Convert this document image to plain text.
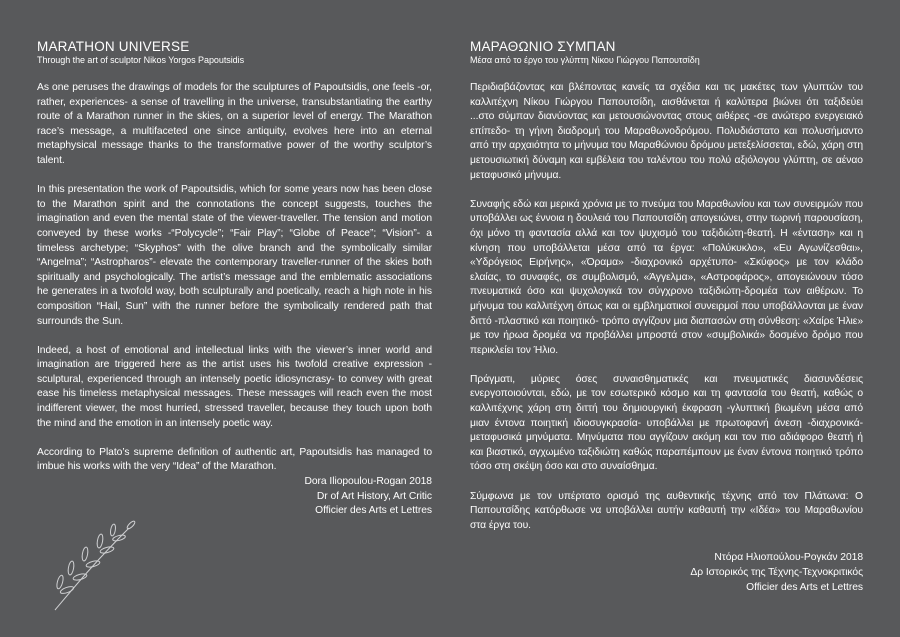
MARATHON UNIVERSE
Through the art of sculptor Nikos Yorgos Papoutsidis

As one peruses the drawings of models for the sculptures of Papoutsidis, one feels -or, rather, experiences- a sense of travelling in the universe, transubstantiating the earthy route of a Marathon runner in the skies, on a superior level of energy. The Marathon race’s message, a multifaceted one since antiquity, evolves here into an eternal metaphysical message thanks to the transformative power of the worthy sculptor’s talent.

In this presentation the work of Papoutsidis, which for some years now has been close to the Marathon spirit and the connotations the concept suggests, touches the imagination and even the mental state of the viewer-traveller. The tension and motion conveyed by these works -“Polycycle”; “Fair Play”; “Globe of Peace”; “Vision”- a timeless archetype; “Skyphos” with the olive branch and the symbolically similar “Angelma”; “Astropharos”- elevate the contemporary traveller-runner of the skies both spiritually and psychologically. The artist’s message and the emblematic associations he generates in a twofold way, both sculpturally and poetically, reach a high note in his composition “Hail, Sun” with the runner before the symbolically rendered path that surrounds the Sun.

Indeed, a host of emotional and intellectual links with the viewer’s inner world and imagination are triggered here as the artist uses his twofold creative expression -sculptural, experienced through an intensely poetic idiosyncrasy- to convey with great ease his timeless metaphysical messages. These messages will reach even the most indifferent viewer, the most hurried, stressed traveller, because they touch upon both the mind and the emotion in an intensely poetic way.

According to Plato’s supreme definition of authentic art, Papoutsidis has managed to imbue his works with the very “Idea” of the Marathon.

Dora Iliopoulou-Rogan 2018
Dr of Art History, Art Critic
Officier des Arts et Lettres
ΜΑΡΑΘΩΝΙΟ ΣΥΜΠΑΝ
Μέσα από το έργο του γλύπτη Νίκου Γιώργου Παπουτσίδη

Περιδιαβάζοντας και βλέποντας κανείς τα σχέδια και τις μακέτες των γλυπτών του καλλιτέχνη Νίκου Γιώργου Παπουτσίδη, αισθάνεται ή καλύτερα βιώνει ότι ταξιδεύει ...στο σύμπαν διανύοντας και μετουσιώνοντας στους αιθέρες -σε ανώτερο ενεργειακό επίπεδο- τη γήινη διαδρομή του Μαραθωνοδρόμου. Πολυδιάστατο και πολυσήμαντο από την αρχαιότητα το μήνυμα του Μαραθώνιου δρόμου μετεξελίσσεται, εδώ, χάρη στη μετουσιωτική δύναμη και εμβέλεια του ταλέντου του πολύ αξιόλογου γλύπτη, σε αέναο μεταφυσικό μήνυμα.

Συναφής εδώ και μερικά χρόνια με το πνεύμα του Μαραθωνίου και των συνειρμών που υποβάλλει ως έννοια η δουλειά του Παπουτσίδη απογειώνει, στην τωρινή παρουσίαση, όχι μόνο τη φαντασία αλλά και τον ψυχισμό του ταξιδιώτη-θεατή. Η «ένταση» και η κίνηση που υποβάλλεται μέσα από τα έργα: «Πολύκυκλο», «Ευ Αγωνίζεσθαι», «Υδρόγειος Ειρήνης», «Όραμα» -διαχρονικό αρχέτυπο- «Σκύφος» με τον κλάδο ελαίας, το συναφές, σε συμβολισμό, «Άγγελμα», «Αστροφάρος», απογειώνουν τόσο πνευματικά όσο και ψυχολογικά τον σύγχρονο ταξιδιώτη-δρομέα των αιθέρων. Το μήνυμα του καλλιτέχνη όπως και οι εμβληματικοί συνειρμοί που υποβάλλονται με έναν διττό -πλαστικό και ποιητικό- τρόπο αγγίζουν μια διαπασών στη σύνθεση: «Χαίρε Ήλιε» με τον ήρωα δρομέα να προβάλλει μπροστά στον «συμβολικά» δοσμένο δρόμο που περικλείει τον Ήλιο.

Πράγματι, μύριες όσες συναισθηματικές και πνευματικές διασυνδέσεις ενεργοποιούνται, εδώ, με τον εσωτερικό κόσμο και τη φαντασία του θεατή, καθώς ο καλλιτέχνης χάρη στη διττή του δημιουργική έκφραση -γλυπτική βιωμένη μέσα από μιαν έντονα ποιητική ιδιοσυγκρασία- υποβάλλει με πρωτοφανή άνεση -διαχρονικά- μεταφυσικά μηνύματα. Μηνύματα που αγγίζουν ακόμη και τον πιο αδιάφορο θεατή ή και βιαστικό, αγχωμένο ταξιδιώτη καθώς παραπέμπουν με έναν έντονα ποιητικό τρόπο τόσο στη σκέψη όσο και στο συναίσθημα.

Σύμφωνα με τον υπέρτατο ορισμό της αυθεντικής τέχνης από τον Πλάτωνα: Ο Παπουτσίδης κατόρθωσε να υποβάλλει αυτήν καθαυτή την «Ιδέα» του Μαραθωνίου στα έργα του.

Ντόρα Ηλιοπούλου-Ρογκάν 2018
Δρ Ιστορικός της Τέχνης-Τεχνοκριτικός
Officier des Arts et Lettres
